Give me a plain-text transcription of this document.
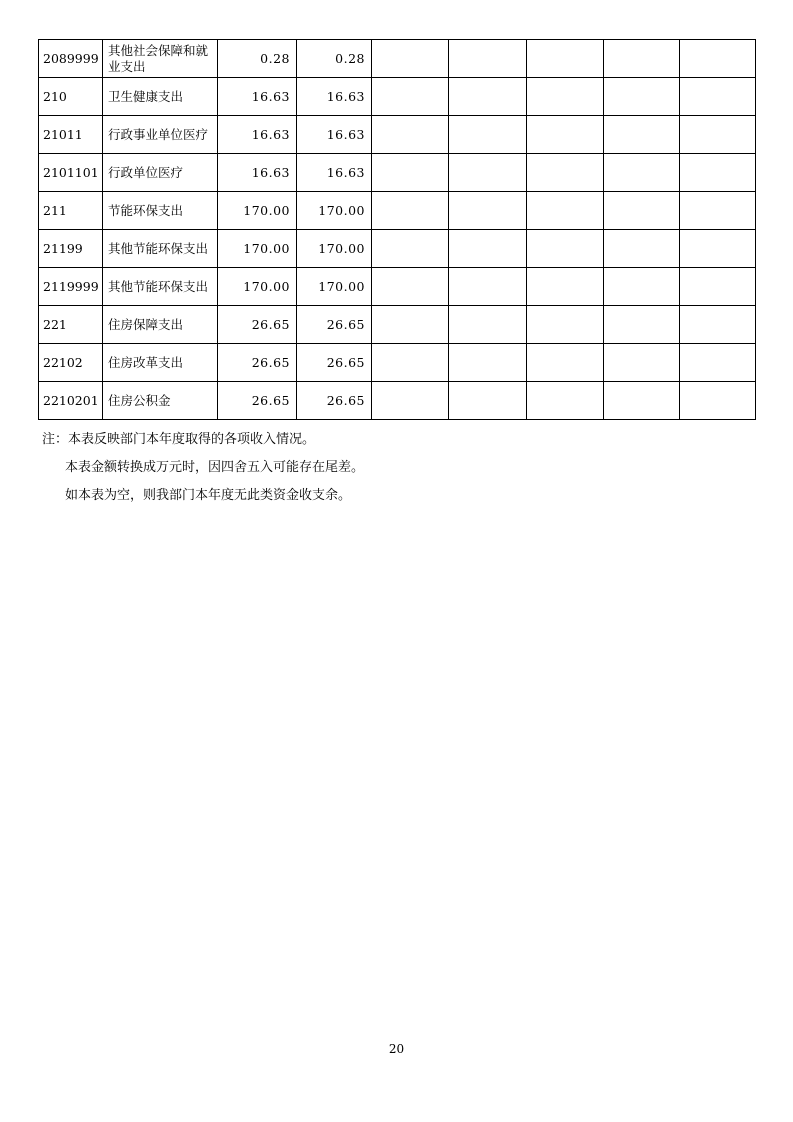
2089999	其他社会保障和就业支出	0.28	0.28					
210	卫生健康支出	16.63	16.63					
21011	行政事业单位医疗	16.63	16.63					
2101101	行政单位医疗	16.63	16.63					
211	节能环保支出	170.00	170.00					
21199	其他节能环保支出	170.00	170.00					
2119999	其他节能环保支出	170.00	170.00					
221	住房保障支出	26.65	26.65					
22102	住房改革支出	26.65	26.65					
2210201	住房公积金	26.65	26.65					

注：本表反映部门本年度取得的各项收入情况。

本表金额转换成万元时，因四舍五入可能存在尾差。

如本表为空，则我部门本年度无此类资金收支余。

20
